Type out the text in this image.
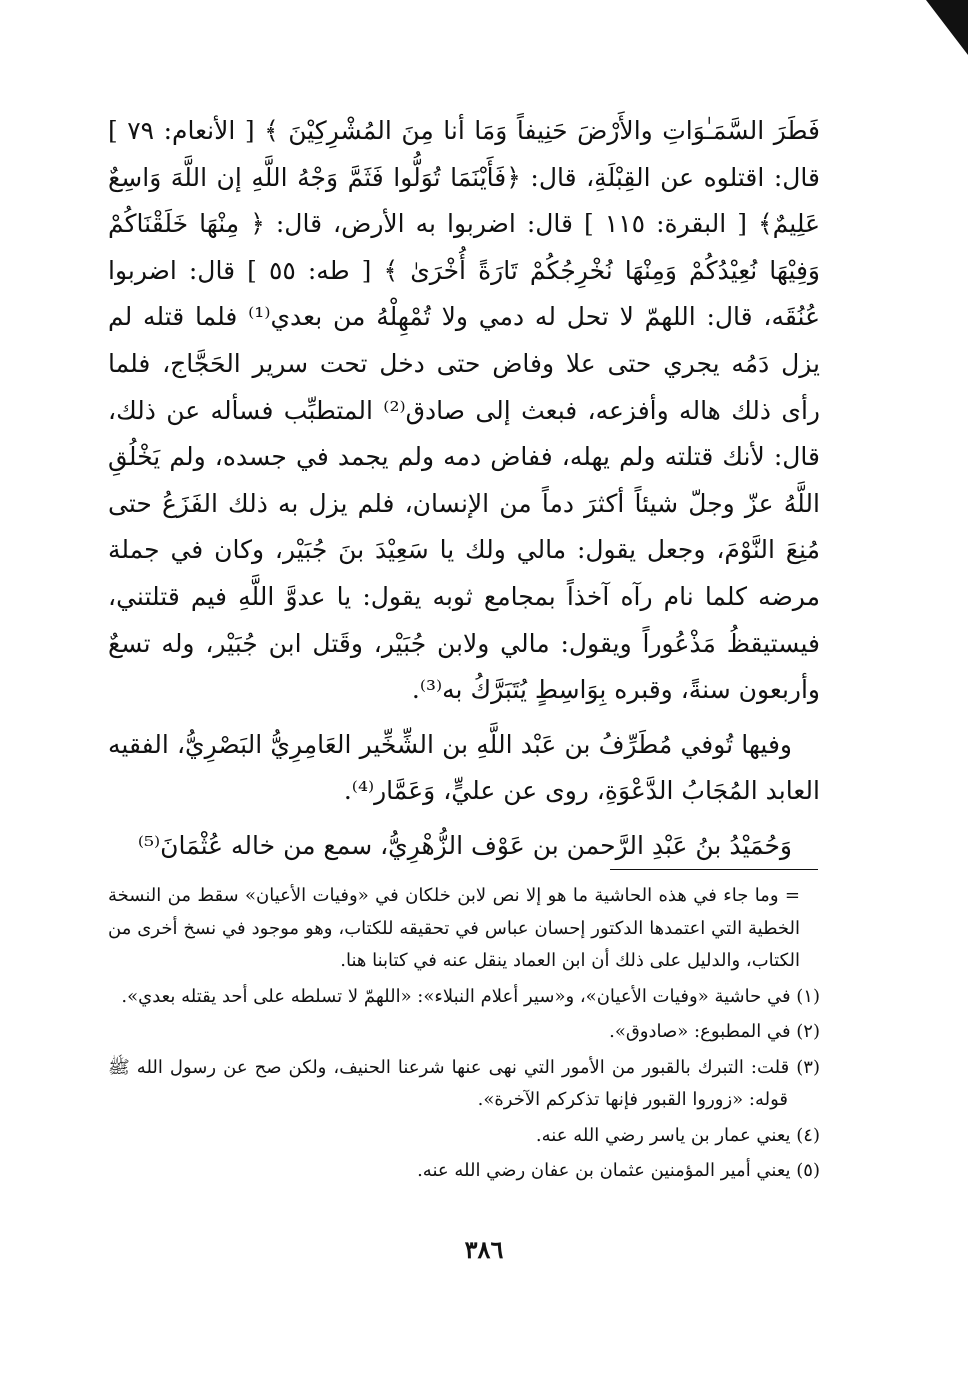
فَطَرَ السَّمَـٰوَاتِ والأَرْضَ حَنِيفاً وَمَا أنا مِنَ المُشْرِكِيْنَ ﴾ [ الأنعام: ٧٩ ] قال: اقتلوه عن القِبْلَةِ، قال: ﴿فَأَيْنَمَا تُوَلُّوا فَثَمَّ وَجْهُ اللَّهِ إن اللَّهَ وَاسِعٌ عَلِيمٌ﴾ [ البقرة: ١١٥ ] قال: اضربوا به الأرض، قال: ﴿ مِنْهَا خَلَقْنَاكُمْ وَفِيْهَا نُعِيْدُكُمْ وَمِنْهَا نُخْرِجُكُمْ تَارَةً أُخْرَىٰ ﴾ [ طه: ٥٥ ] قال: اضربوا عُنُقَه، قال: اللهمّ لا تحل له دمي ولا تُمْهِلْهُ من بعدي⁽¹⁾ فلما قتله لم يزل دَمُه يجري حتى علا وفاض حتى دخل تحت سرير الحَجَّاج، فلما رأى ذلك هاله وأفزعه، فبعث إلى صادق⁽²⁾ المتطبِّب فسأله عن ذلك، قال: لأنك قتلته ولم يهله، ففاض دمه ولم يجمد في جسده، ولم يَخْلُقِ اللَّهُ عزّ وجلّ شيئاً أكثرَ دماً من الإنسان، فلم يزل به ذلك الفَزَعُ حتى مُنِعَ النَّوْمَ، وجعل يقول: مالي ولك يا سَعِيْدَ بنَ جُبَيْر، وكان في جملة مرضه كلما نام رآه آخذاً بمجامع ثوبه يقول: يا عدوَّ اللَّهِ فيم قتلتني، فيستيقظُ مَذْعُوراً ويقول: مالي ولابن جُبَيْر، وقَتل ابن جُبَيْر، وله تسعٌ وأربعون سنةً، وقبره بِوَاسِطٍ يُتَبَرَّكُ به⁽³⁾.

وفيها تُوفي مُطَرِّفُ بن عَبْد اللَّهِ بن الشِّخِّير العَامِرِيُّ البَصْرِيُّ، الفقيه العابد المُجَابُ الدَّعْوَةِ، روى عن عليٍّ، وَعَمَّار⁽⁴⁾.

وَحُمَيْدُ بنُ عَبْدِ الرَّحمن بن عَوْف الزُّهْرِيُّ، سمع من خاله عُثْمَانَ⁽⁵⁾

= وما جاء في هذه الحاشية ما هو إلا نص لابن خلكان في «وفيات الأعيان» سقط من النسخة الخطية التي اعتمدها الدكتور إحسان عباس في تحقيقه للكتاب، وهو موجود في نسخ أخرى من الكتاب، والدليل على ذلك أن ابن العماد ينقل عنه في كتابنا هنا.

(١) في حاشية «وفيات الأعيان»، و«سير أعلام النبلاء»: «اللهمّ لا تسلطه على أحد يقتله بعدي».

(٢) في المطبوع: «صادوق».

(٣) قلت: التبرك بالقبور من الأمور التي نهى عنها شرعنا الحنيف، ولكن صح عن رسول الله ﷺ قوله: «زوروا القبور فإنها تذكركم الآخرة».

(٤) يعني عمار بن ياسر رضي الله عنه.

(٥) يعني أمير المؤمنين عثمان بن عفان رضي الله عنه.

٣٨٦
